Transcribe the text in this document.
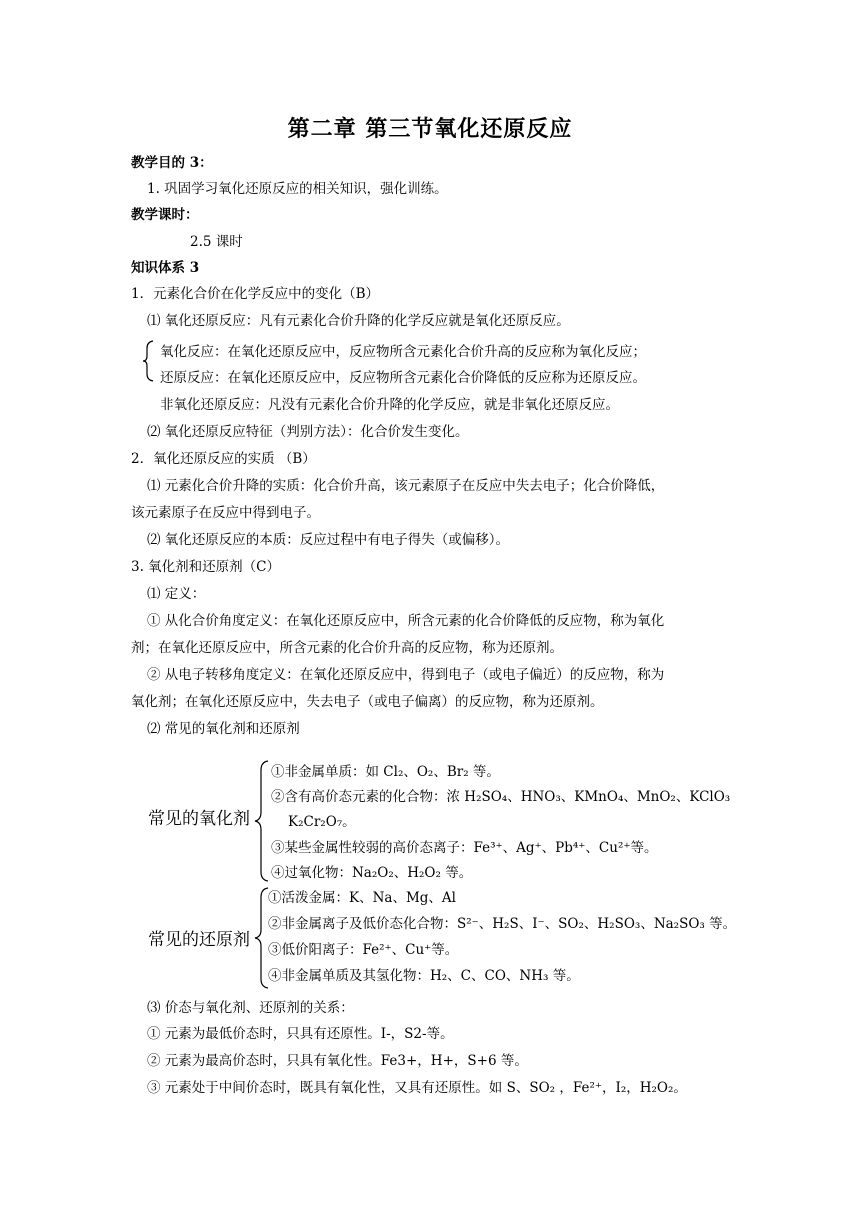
第二章 第三节氧化还原反应
教学目的 3：
1. 巩固学习氧化还原反应的相关知识，强化训练。
教学课时：
2.5 课时
知识体系 3
1．元素化合价在化学反应中的变化（B）
⑴ 氧化还原反应：凡有元素化合价升降的化学反应就是氧化还原反应。
氧化反应：在氧化还原反应中，反应物所含元素化合价升高的反应称为氧化反应；
还原反应：在氧化还原反应中，反应物所含元素化合价降低的反应称为还原反应。
非氧化还原反应：凡没有元素化合价升降的化学反应，就是非氧化还原反应。
⑵ 氧化还原反应特征（判别方法）：化合价发生变化。
2．氧化还原反应的实质 （B）
⑴ 元素化合价升降的实质：化合价升高，该元素原子在反应中失去电子；化合价降低，
该元素原子在反应中得到电子。
⑵ 氧化还原反应的本质：反应过程中有电子得失（或偏移）。
3. 氧化剂和还原剂（C）
⑴ 定义：
① 从化合价角度定义：在氧化还原反应中，所含元素的化合价降低的反应物，称为氧化
剂；在氧化还原反应中，所含元素的化合价升高的反应物，称为还原剂。
② 从电子转移角度定义：在氧化还原反应中，得到电子（或电子偏近）的反应物，称为
氧化剂；在氧化还原反应中，失去电子（或电子偏离）的反应物，称为还原剂。
⑵ 常见的氧化剂和还原剂
常见的氧化剂
①非金属单质：如 Cl₂、O₂、Br₂ 等。
②含有高价态元素的化合物：浓 H₂SO₄、HNO₃、KMnO₄、MnO₂、KClO₃
K₂Cr₂O₇。
③某些金属性较弱的高价态离子：Fe³⁺、Ag⁺、Pb⁴⁺、Cu²⁺等。
④过氧化物：Na₂O₂、H₂O₂ 等。
常见的还原剂
①活泼金属：K、Na、Mg、Al
②非金属离子及低价态化合物：S²⁻、H₂S、I⁻、SO₂、H₂SO₃、Na₂SO₃ 等。
③低价阳离子：Fe²⁺、Cu⁺等。
④非金属单质及其氢化物：H₂、C、CO、NH₃ 等。
⑶ 价态与氧化剂、还原剂的关系：
① 元素为最低价态时，只具有还原性。I-，S2-等。
② 元素为最高价态时，只具有氧化性。Fe3+，H+，S+6 等。
③ 元素处于中间价态时，既具有氧化性，又具有还原性。如 S、SO₂ ，Fe²⁺，I₂，H₂O₂。
